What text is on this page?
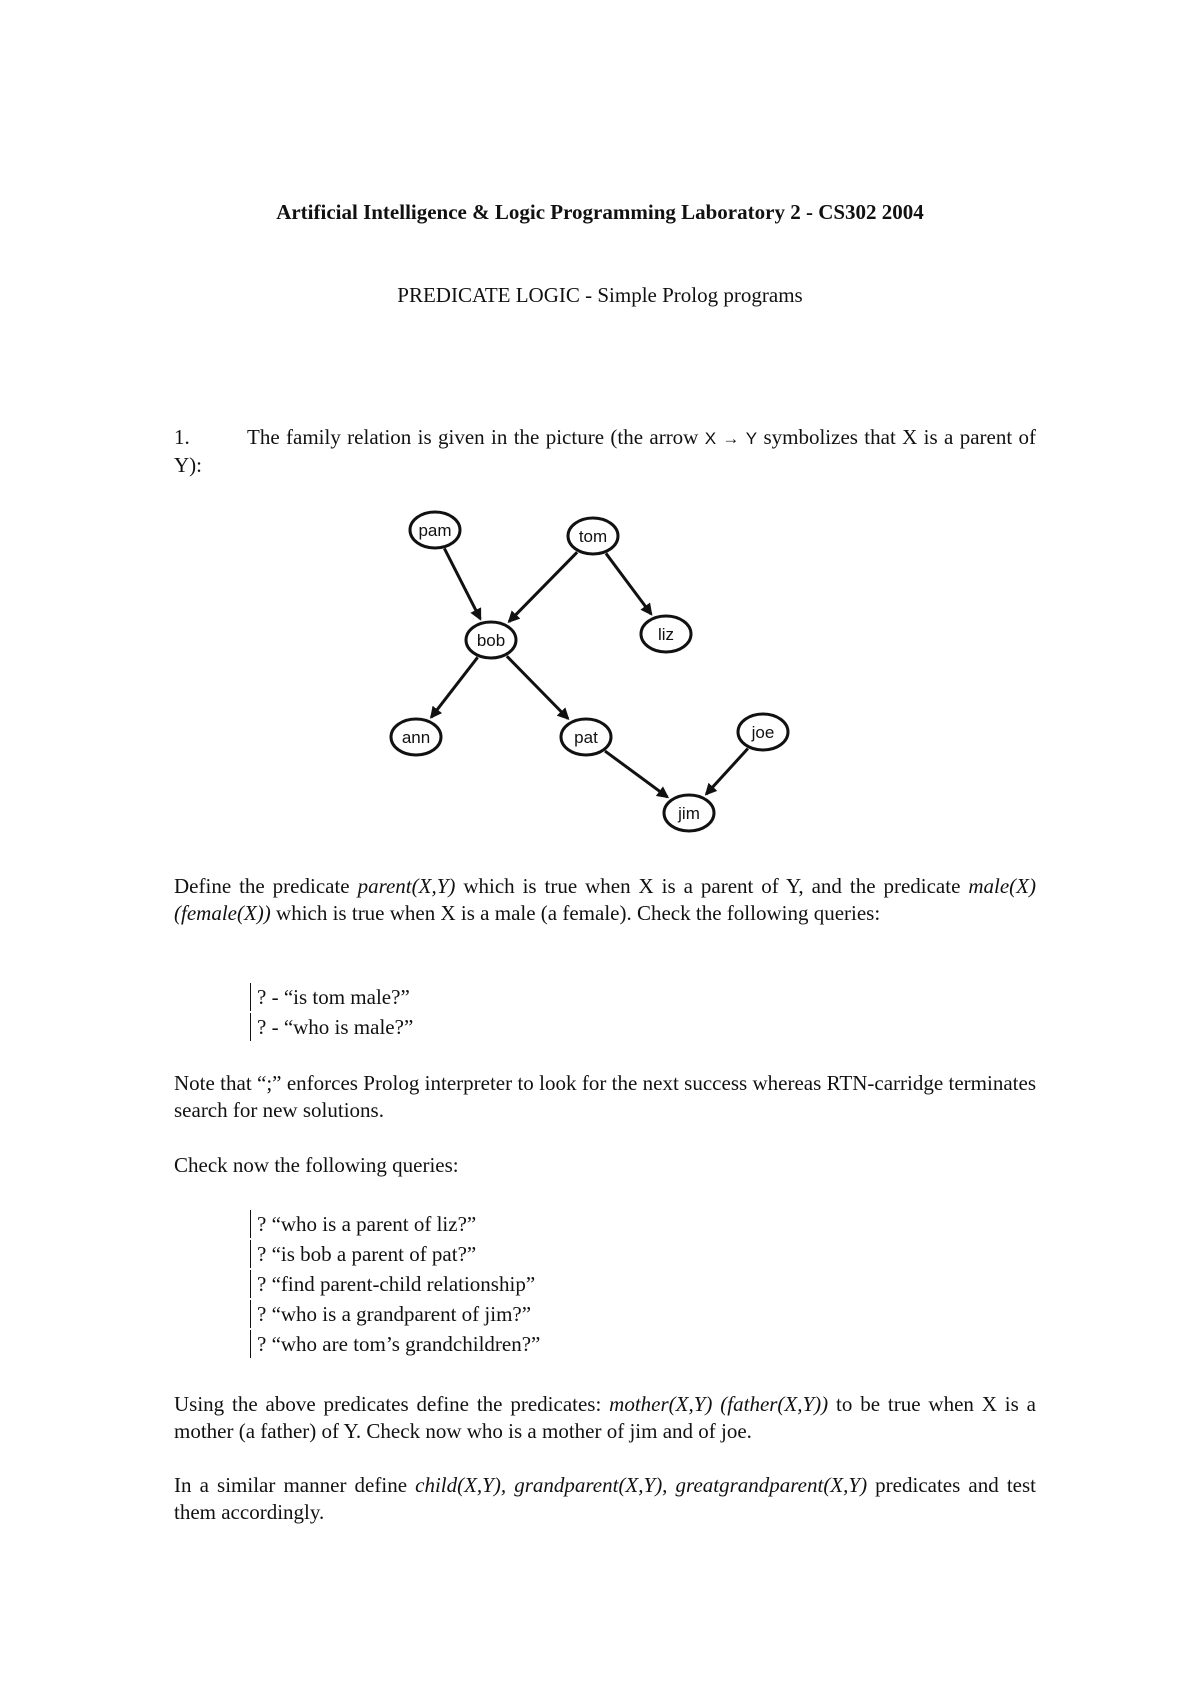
Artificial Intelligence & Logic Programming Laboratory 2 - CS302 2004
PREDICATE LOGIC - Simple Prolog programs
1.	The family relation is given in the picture (the arrow X → Y symbolizes that X is a parent of Y):
pam	tom
bob	liz
ann	pat	joe
jim
Define the predicate parent(X,Y) which is true when X is a parent of Y, and the predicate male(X) (female(X)) which is true when X is a male (a female). Check the following queries:
? - “is tom male?”
? - “who is male?”
Note that “;” enforces Prolog interpreter to look for the next success whereas RTN-carridge terminates search for new solutions.
Check now the following queries:
? “who is a parent of liz?”
? “is bob a parent of pat?”
? “find parent-child relationship”
? “who is a grandparent of jim?”
? “who are tom’s grandchildren?”
Using the above predicates define the predicates: mother(X,Y) (father(X,Y)) to be true when X is a mother (a father) of Y. Check now who is a mother of jim and of joe.
In a similar manner define child(X,Y), grandparent(X,Y), greatgrandparent(X,Y) predicates and test them accordingly.
